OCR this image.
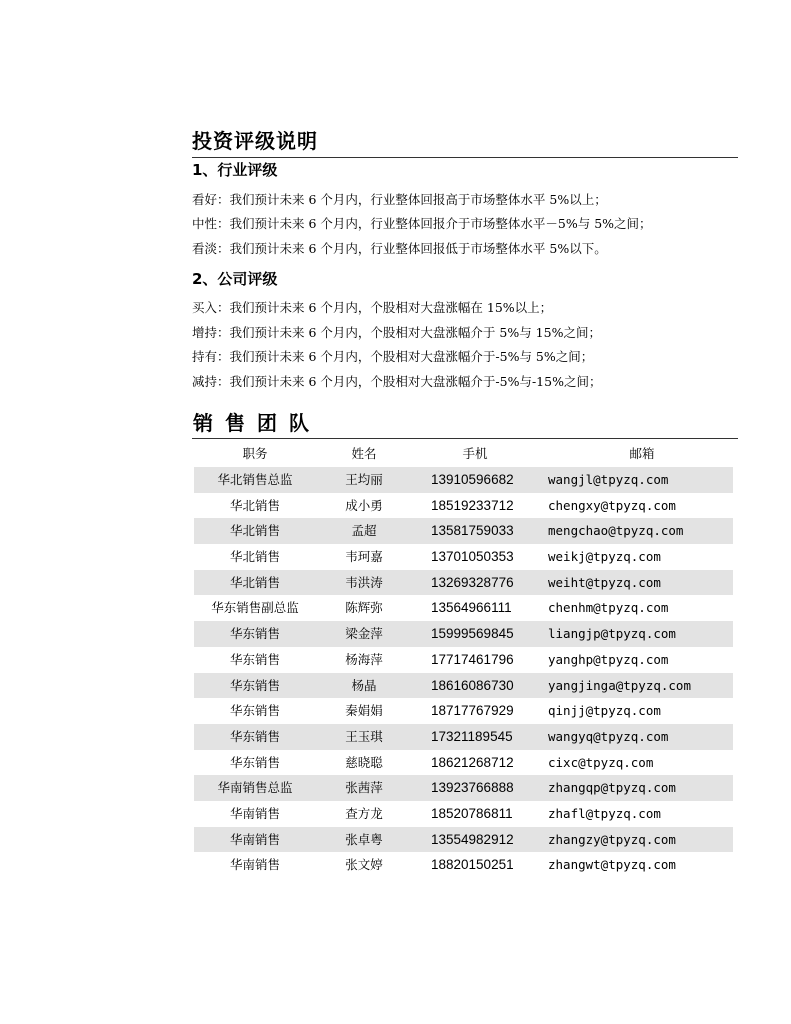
投资评级说明
1、行业评级
看好：我们预计未来 6 个月内，行业整体回报高于市场整体水平 5%以上；
中性：我们预计未来 6 个月内，行业整体回报介于市场整体水平－5%与 5%之间；
看淡：我们预计未来 6 个月内，行业整体回报低于市场整体水平 5%以下。
2、公司评级
买入：我们预计未来 6 个月内，个股相对大盘涨幅在 15%以上；
增持：我们预计未来 6 个月内，个股相对大盘涨幅介于 5%与 15%之间；
持有：我们预计未来 6 个月内，个股相对大盘涨幅介于-5%与 5%之间；
减持：我们预计未来 6 个月内，个股相对大盘涨幅介于-5%与-15%之间；
销售团队
职务	姓名	手机	邮箱
华北销售总监	王均丽	13910596682	wangjl@tpyzq.com
华北销售	成小勇	18519233712	chengxy@tpyzq.com
华北销售	孟超	13581759033	mengchao@tpyzq.com
华北销售	韦珂嘉	13701050353	weikj@tpyzq.com
华北销售	韦洪涛	13269328776	weiht@tpyzq.com
华东销售副总监	陈辉弥	13564966111	chenhm@tpyzq.com
华东销售	梁金萍	15999569845	liangjp@tpyzq.com
华东销售	杨海萍	17717461796	yanghp@tpyzq.com
华东销售	杨晶	18616086730	yangjinga@tpyzq.com
华东销售	秦娟娟	18717767929	qinjj@tpyzq.com
华东销售	王玉琪	17321189545	wangyq@tpyzq.com
华东销售	慈晓聪	18621268712	cixc@tpyzq.com
华南销售总监	张茜萍	13923766888	zhangqp@tpyzq.com
华南销售	查方龙	18520786811	zhafl@tpyzq.com
华南销售	张卓粤	13554982912	zhangzy@tpyzq.com
华南销售	张文婷	18820150251	zhangwt@tpyzq.com
